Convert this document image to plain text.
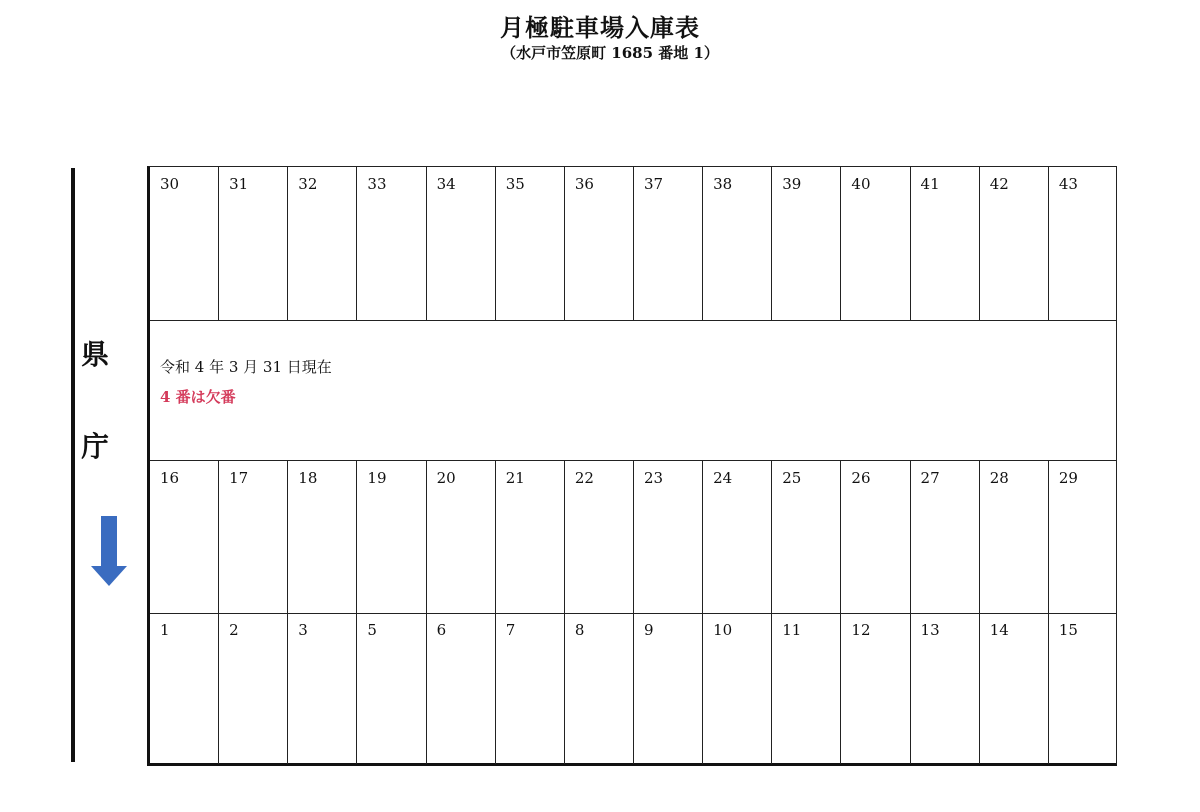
月極駐車場入庫表
（水戸市笠原町 1685 番地 1）
県
庁
30	31	32	33	34	35	36	37	38	39	40	41	42	43
令和 4 年 3 月 31 日現在
4 番は欠番
16	17	18	19	20	21	22	23	24	25	26	27	28	29
1	2	3	5	6	7	8	9	10	11	12	13	14	15
